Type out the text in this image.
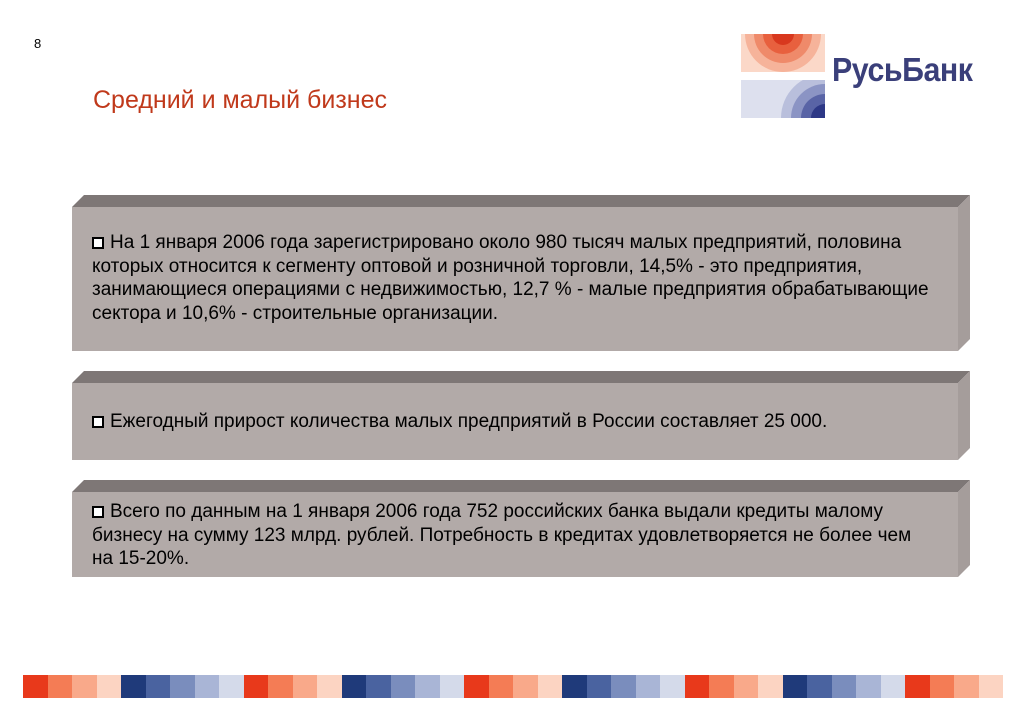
8
Средний и малый бизнес
РусьБанк
На 1 января 2006 года зарегистрировано около 980 тысяч малых предприятий, половина которых относится к сегменту оптовой и розничной торговли, 14,5% - это предприятия, занимающиеся операциями с недвижимостью, 12,7 % - малые предприятия обрабатывающие сектора и 10,6% - строительные организации.
Ежегодный прирост количества малых предприятий в России составляет 25 000.
Всего по данным на 1 января 2006 года 752 российских банка выдали кредиты малому бизнесу на сумму 123 млрд. рублей. Потребность в кредитах удовлетворяется не более чем на 15-20%.
